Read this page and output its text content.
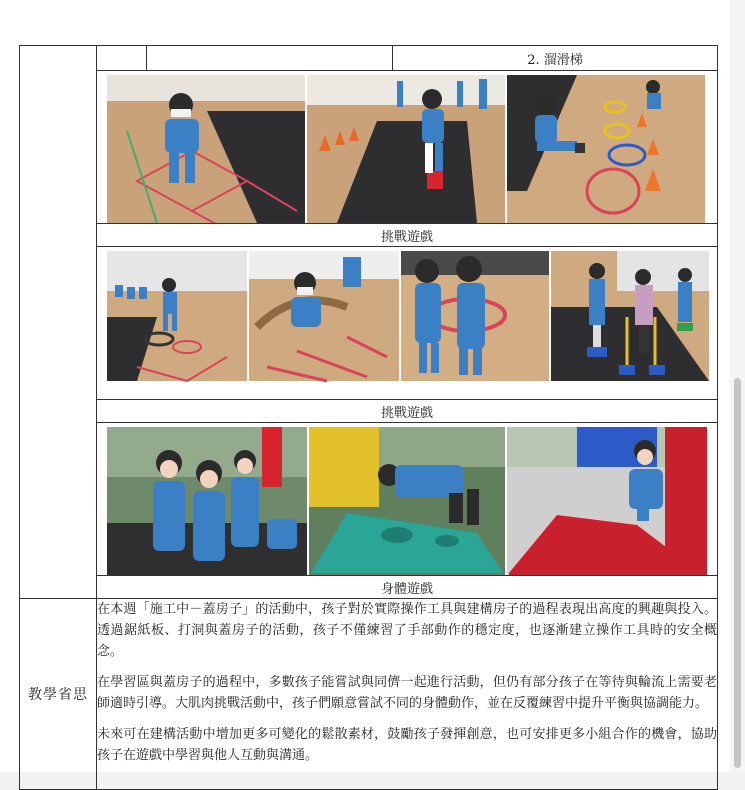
			2. 溜滑梯

	挑戰遊戲		

	挑戰遊戲		

	身體遊戲		
教學省思	在本週「施工中－蓋房子」的活動中，孩子對於實際操作工具與建構房子的過程表現出高度的興趣與投入。透過鋸紙板、打洞與蓋房子的活動，孩子不僅練習了手部動作的穩定度，也逐漸建立操作工具時的安全概念。

在學習區與蓋房子的過程中，多數孩子能嘗試與同儕一起進行活動，但仍有部分孩子在等待與輪流上需要老師適時引導。大肌肉挑戰活動中，孩子們願意嘗試不同的身體動作，並在反覆練習中提升平衡與協調能力。

未來可在建構活動中增加更多可變化的鬆散素材，鼓勵孩子發揮創意，也可安排更多小組合作的機會，協助孩子在遊戲中學習與他人互動與溝通。		
